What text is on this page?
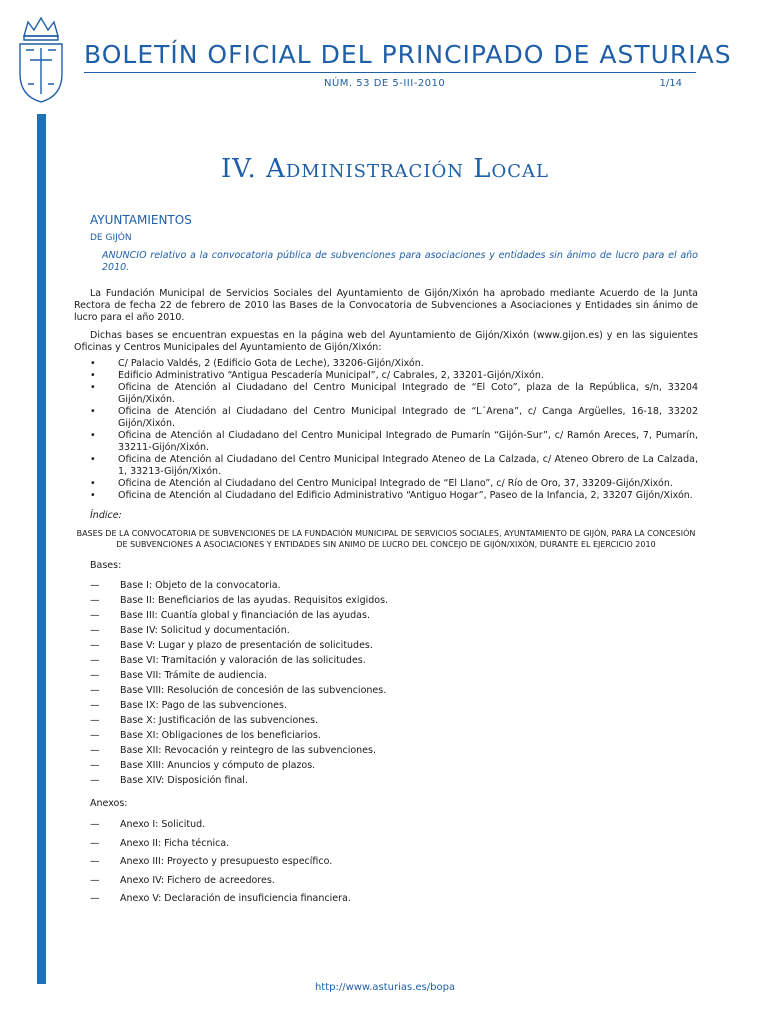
BOLETÍN OFICIAL DEL PRINCIPADO DE ASTURIAS
NÚM. 53 DE 5-III-2010	1/14
IV. Administración Local
AYUNTAMIENTOS
DE GIJÓN

ANUNCIO relativo a la convocatoria pública de subvenciones para asociaciones y entidades sin ánimo de lucro para el año 2010.

La Fundación Municipal de Servicios Sociales del Ayuntamiento de Gijón/Xixón ha aprobado mediante Acuerdo de la Junta Rectora de fecha 22 de febrero de 2010 las Bases de la Convocatoria de Subvenciones a Asociaciones y Entidades sin ánimo de lucro para el año 2010.

Dichas bases se encuentran expuestas en la página web del Ayuntamiento de Gijón/Xixón (www.gijon.es) y en las siguientes Oficinas y Centros Municipales del Ayuntamiento de Gijón/Xixón:

• C/ Palacio Valdés, 2 (Edificio Gota de Leche), 33206-Gijón/Xixón.
• Edificio Administrativo “Antigua Pescadería Municipal”, c/ Cabrales, 2, 33201-Gijón/Xixón.
• Oficina de Atención al Ciudadano del Centro Municipal Integrado de “El Coto”, plaza de la República, s/n, 33204 Gijón/Xixón.
• Oficina de Atención al Ciudadano del Centro Municipal Integrado de “L´Arena”, c/ Canga Argüelles, 16-18, 33202 Gijón/Xixón.
• Oficina de Atención al Ciudadano del Centro Municipal Integrado de Pumarín “Gijón-Sur”, c/ Ramón Areces, 7, Pumarín, 33211-Gijón/Xixón.
• Oficina de Atención al Ciudadano del Centro Municipal Integrado Ateneo de La Calzada, c/ Ateneo Obrero de La Calzada, 1, 33213-Gijón/Xixón.
• Oficina de Atención al Ciudadano del Centro Municipal Integrado de “El Llano”, c/ Río de Oro, 37, 33209-Gijón/Xixón.
• Oficina de Atención al Ciudadano del Edificio Administrativo “Antiguo Hogar”, Paseo de la Infancia, 2, 33207 Gijón/Xixón.
Índice:
BASES DE LA CONVOCATORIA DE SUBVENCIONES DE LA FUNDACIÓN MUNICIPAL DE SERVICIOS SOCIALES, AYUNTAMIENTO DE GIJÓN, PARA LA CONCESIÓN DE SUBVENCIONES A ASOCIACIONES Y ENTIDADES SIN ANIMO DE LUCRO DEL CONCEJO DE GIJÓN/XIXÓN, DURANTE EL EJERCICIO 2010
Bases:
— Base I: Objeto de la convocatoria.
— Base II: Beneficiarios de las ayudas. Requisitos exigidos.
— Base III: Cuantía global y financiación de las ayudas.
— Base IV: Solicitud y documentación.
— Base V: Lugar y plazo de presentación de solicitudes.
— Base VI: Tramitación y valoración de las solicitudes.
— Base VII: Trámite de audiencia.
— Base VIII: Resolución de concesión de las subvenciones.
— Base IX: Pago de las subvenciones.
— Base X: Justificación de las subvenciones.
— Base XI: Obligaciones de los beneficiarios.
— Base XII: Revocación y reintegro de las subvenciones.
— Base XIII: Anuncios y cómputo de plazos.
— Base XIV: Disposición final.
Anexos:
— Anexo I: Solicitud.
— Anexo II: Ficha técnica.
— Anexo III: Proyecto y presupuesto específico.
— Anexo IV: Fichero de acreedores.
— Anexo V: Declaración de insuficiencia financiera.
http://www.asturias.es/bopa
